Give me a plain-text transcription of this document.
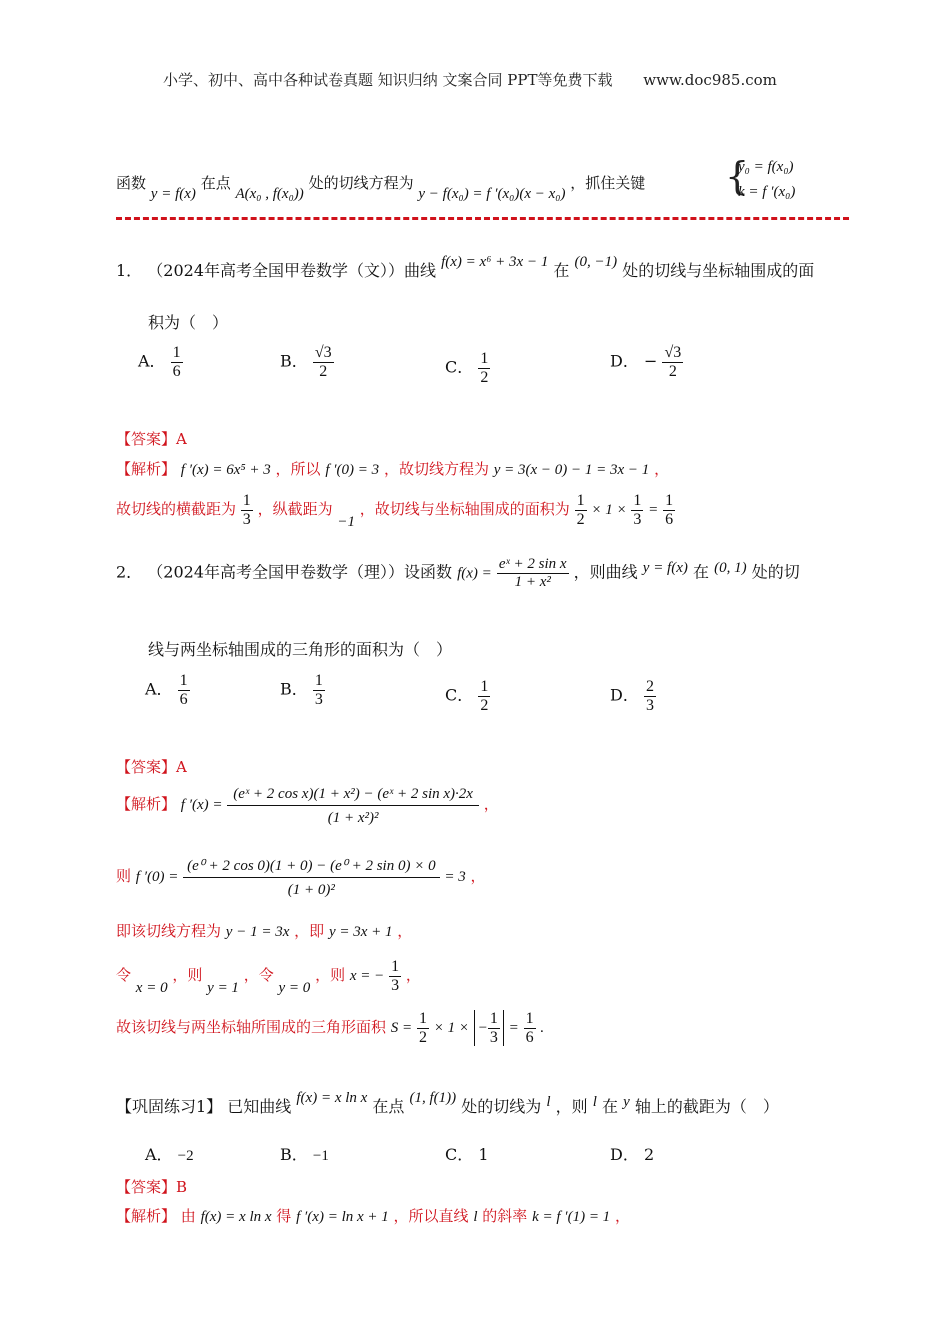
小学、初中、高中各种试卷真题 知识归纳 文案合同 PPT等免费下载 www.doc985.com
函数 y = f(x) 在点 A(x₀ , f(x₀)) 处的切线方程为 y − f(x₀) = f ′(x₀)(x − x₀) ，抓住关键 {
y₀ = f(x₀)
k = f ′(x₀)
1． （2024年高考全国甲卷数学（文））曲线 f(x) = x⁶ + 3x − 1 在 (0, −1) 处的切线与坐标轴围成的面
积为（　）
A． $\frac{1}{6}$	B． $\frac{√3}{2}$	C． $\frac{1}{2}$	D． − $\frac{√3}{2}$
【答案】A
【解析】 f ′(x) = 6x⁵ + 3 ，所以 f ′(0) = 3 ，故切线方程为 y = 3(x − 0) − 1 = 3x − 1 ，
故切线的横截距为 $\frac{1}{3}$ ，纵截距为 −1 ，故切线与坐标轴围成的面积为 $\frac{1}{2} \times 1 \times \frac{1}{3} = \frac{1}{6}$
2． （2024年高考全国甲卷数学（理））设函数 $f(x) = \frac{\text{eˣ + 2 sin x}}{\text{1 + x²}}$ ，则曲线 y = f(x) 在 (0, 1) 处的切
线与两坐标轴围成的三角形的面积为（　）
A． $\frac{1}{6}$	B． $\frac{1}{3}$	C． $\frac{1}{2}$	D． $\frac{2}{3}$
【答案】A
【解析】 f $'(x) = \frac{\text{(eˣ + 2 cos x)(1 + x²) − (eˣ + 2 sin x)·2x}}{\text{(1 + x²)²}}$ ，
则 f $'(0) = \frac{\text{(e⁰ + 2 cos 0)(1 + 0) − (e⁰ + 2 sin 0) × 0}}{\text{(1 + 0)²}} = 3$ ，
即该切线方程为 y − 1 = 3x ，即 y = 3x + 1 ，
令 x = 0 ，则 y = 1 ，令 y = 0 ，则 x = − $\frac{1}{3}$ ，
故该切线与两坐标轴所围成的三角形面积 $S = \frac{1}{2} \times 1$ × − $\frac{1}{3} = \frac{1}{6}$ .
【巩固练习1】 已知曲线 f(x) = x ln x 在点 (1, f(1)) 处的切线为 l ，则 l 在 y 轴上的截距为（　）
A． −2	B． −1	C． 1	D． 2
【答案】B
【解析】 由 f(x) = x ln x 得 f ′(x) = ln x + 1 ，所以直线 l 的斜率 k = f ′(1) = 1 ，
